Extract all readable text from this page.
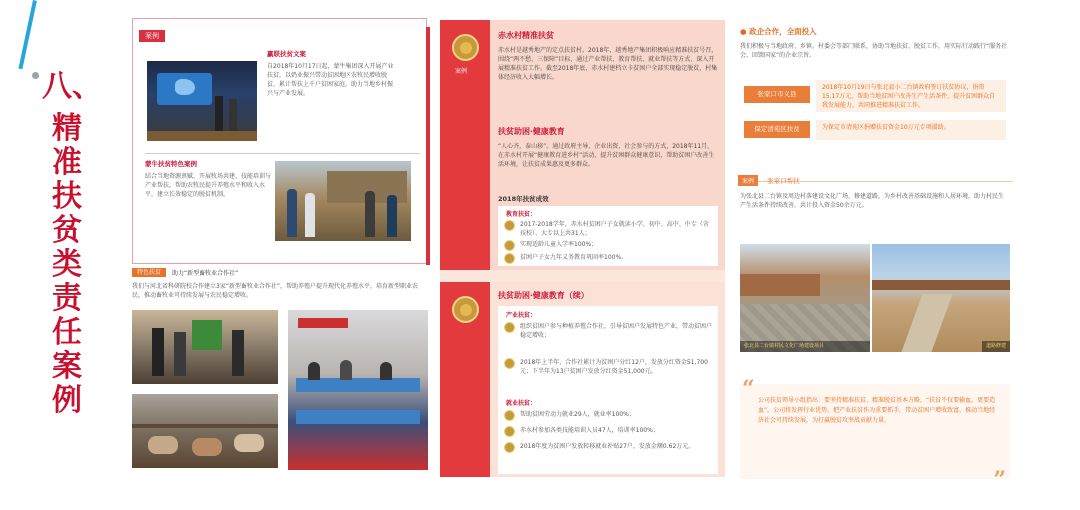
八、
精准扶贫类责任案例
案例
赢联扶贫文案
自2018年10月17日起，蒙牛集团深入开展产业扶贫，以奶业振兴带动贫困地区农牧民增收脱贫，累计帮扶上千户贫困家庭，助力当地乡村振兴与产业发展。
蒙牛扶贫特色案例
结合当地资源禀赋，开展牧场共建、技能培训与产业帮扶，帮助农牧民提升养殖水平和收入水平，建立长效稳定的脱贫机制。
特色扶贫	助力“新型畜牧业合作社”
我们与河北省科研院校合作建立3家“新型畜牧业合作社”，帮助养殖户提升现代化养殖水平，培育新型职业农民，推动畜牧业可持续发展与农民稳定增收。
案例
赤水村精准扶贫
赤水村是越秀地产的定点扶贫村。2018年，越秀地产集团积极响应精准扶贫号召，围绕“两不愁、三保障”目标，通过产业帮扶、教育帮扶、就业帮扶等方式，深入开展精准扶贫工作。截至2018年底，赤水村建档立卡贫困户全部实现稳定脱贫，村集体经济收入大幅增长。
扶贫助困·健康教育
“人心齐，泰山移”。通过政府主导、企业出资、社会参与的方式，2018年11月，在赤水村开展“健康教育进乡村”活动，提升贫困群众健康意识，帮助贫困户改善生活环境，让扶贫成果惠及更多群众。
2018年扶贫成效
教育扶贫：
2017-2018学年，赤水村贫困户子女就读小学、初中、高中、中专（含技校）、大专以上共31人；
实现适龄儿童入学率100%；
贫困户子女九年义务教育巩固率100%。
扶贫助困·健康教育（续）
产业扶贫：
组织贫困户参与种植养殖合作社，引导贫困户发展特色产业，带动贫困户稳定增收；
2018年上半年，合作社累计为贫困户分红12户，发放分红资金51,700元；下半年为13户贫困户发放分红资金51,000元。
就业扶贫：
帮助贫困劳动力就业29人，就业率100%；
赤水村参加各类技能培训人员47人，培训率100%；
2018年度为贫困户发放转移就业补贴27户，发放金额0.62万元。
● 政企合作，全面投入
我们积极与当地政府、乡镇、村委会等部门联系，协助当地扶贫、脱贫工作，用实际行动践行“服务社会、回馈国家”的企业宗旨。
张家口市义县
2018年10月19日与张北县小二台镇政府签订扶贫协议，捐资15.17万元，帮助当地贫困户改善生产生活条件，提升贫困群众自我发展能力，共同推进精准扶贫工作。
保定清苑区扶贫	为保定市清苑区捐赠扶贫资金10万元专项援助。
案例 张家口帮扶
为张北县二台镇及周边村落建设文化广场、修建道路，为乡村改善基础设施和人居环境，助力村民生产生活条件持续改善，共计投入资金50余万元。
张北县二台镇村民文化广场建设项目	道路修建
“ 公司扶贫领导小组指出：要坚持精准扶贫、精准脱贫基本方略，“扶贫不仅要输血，更要造血”。公司将发挥行业优势，把产业扶贫作为重要抓手，带动贫困户增收致富，推动当地经济社会可持续发展，为打赢脱贫攻坚战贡献力量。
”
